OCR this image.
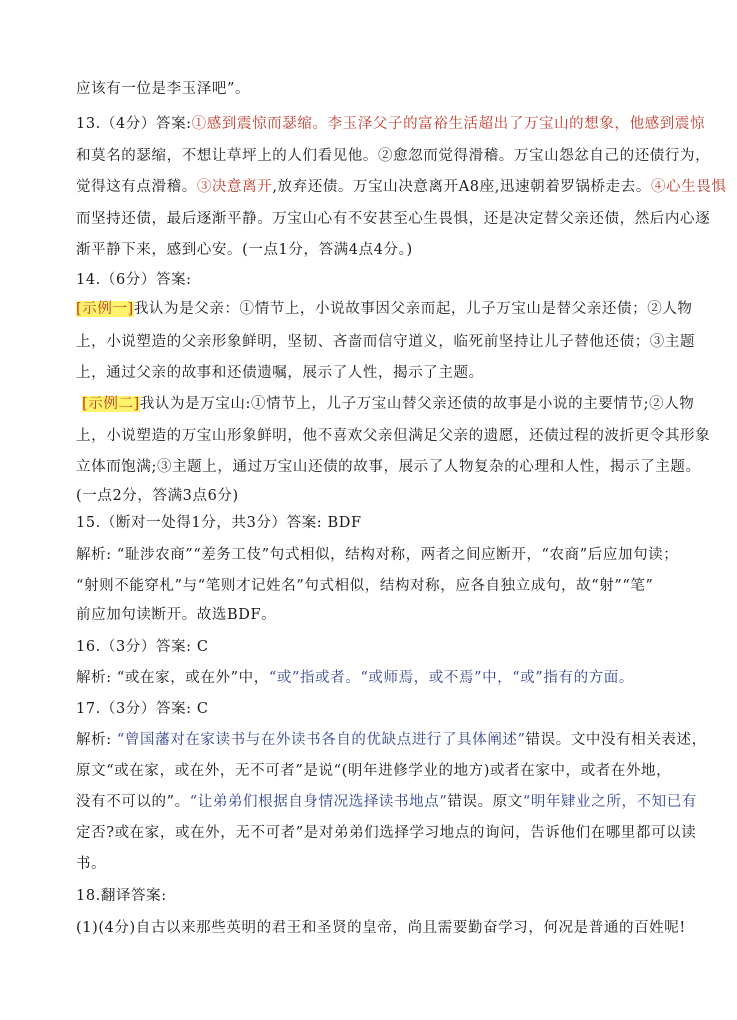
应该有一位是李玉泽吧”。
13.（4分）答案:①感到震惊而瑟缩。李玉泽父子的富裕生活超出了万宝山的想象，他感到震惊
和莫名的瑟缩，不想让草坪上的人们看见他。②愈忽而觉得滑稽。万宝山怨忿自己的还债行为，
觉得这有点滑稽。③决意离开,放弃还债。万宝山决意离开A8座,迅速朝着罗锅桥走去。④心生畏惧
而坚持还债，最后逐渐平静。万宝山心有不安甚至心生畏惧，还是决定替父亲还债，然后内心逐
渐平静下来，感到心安。(一点1分，答满4点4分。)
14.（6分）答案:
[示例一]我认为是父亲：①情节上，小说故事因父亲而起，儿子万宝山是替父亲还债；②人物
上，小说塑造的父亲形象鲜明，坚韧、吝啬而信守道义，临死前坚持让儿子替他还债；③主题
上，通过父亲的故事和还债遗嘱，展示了人性，揭示了主题。
[示例二]我认为是万宝山:①情节上，儿子万宝山替父亲还债的故事是小说的主要情节;②人物
上，小说塑造的万宝山形象鲜明，他不喜欢父亲但满足父亲的遗愿，还债过程的波折更令其形象
立体而饱满;③主题上，通过万宝山还债的故事，展示了人物复杂的心理和人性，揭示了主题。
(一点2分，答满3点6分)
15.（断对一处得1分，共3分）答案: BDF
解析: “耻涉农商”“差务工伎”句式相似，结构对称，两者之间应断开，“农商”后应加句读；
“射则不能穿札”与“笔则才记姓名”句式相似，结构对称，应各自独立成句，故“射”“笔”
前应加句读断开。故选BDF。
16.（3分）答案: C
解析: “或在家，或在外”中，“或”指或者。“或师焉，或不焉”中，“或”指有的方面。
17.（3分）答案: C
解析: “曾国藩对在家读书与在外读书各自的优缺点进行了具体阐述”错误。文中没有相关表述，
原文“或在家，或在外，无不可者”是说“(明年进修学业的地方)或者在家中，或者在外地，
没有不可以的”。“让弟弟们根据自身情况选择读书地点”错误。原文“明年肄业之所，不知已有
定否?或在家，或在外，无不可者”是对弟弟们选择学习地点的询问，告诉他们在哪里都可以读
书。
18.翻译答案:
(1)(4分)自古以来那些英明的君王和圣贤的皇帝，尚且需要勤奋学习，何况是普通的百姓呢!
